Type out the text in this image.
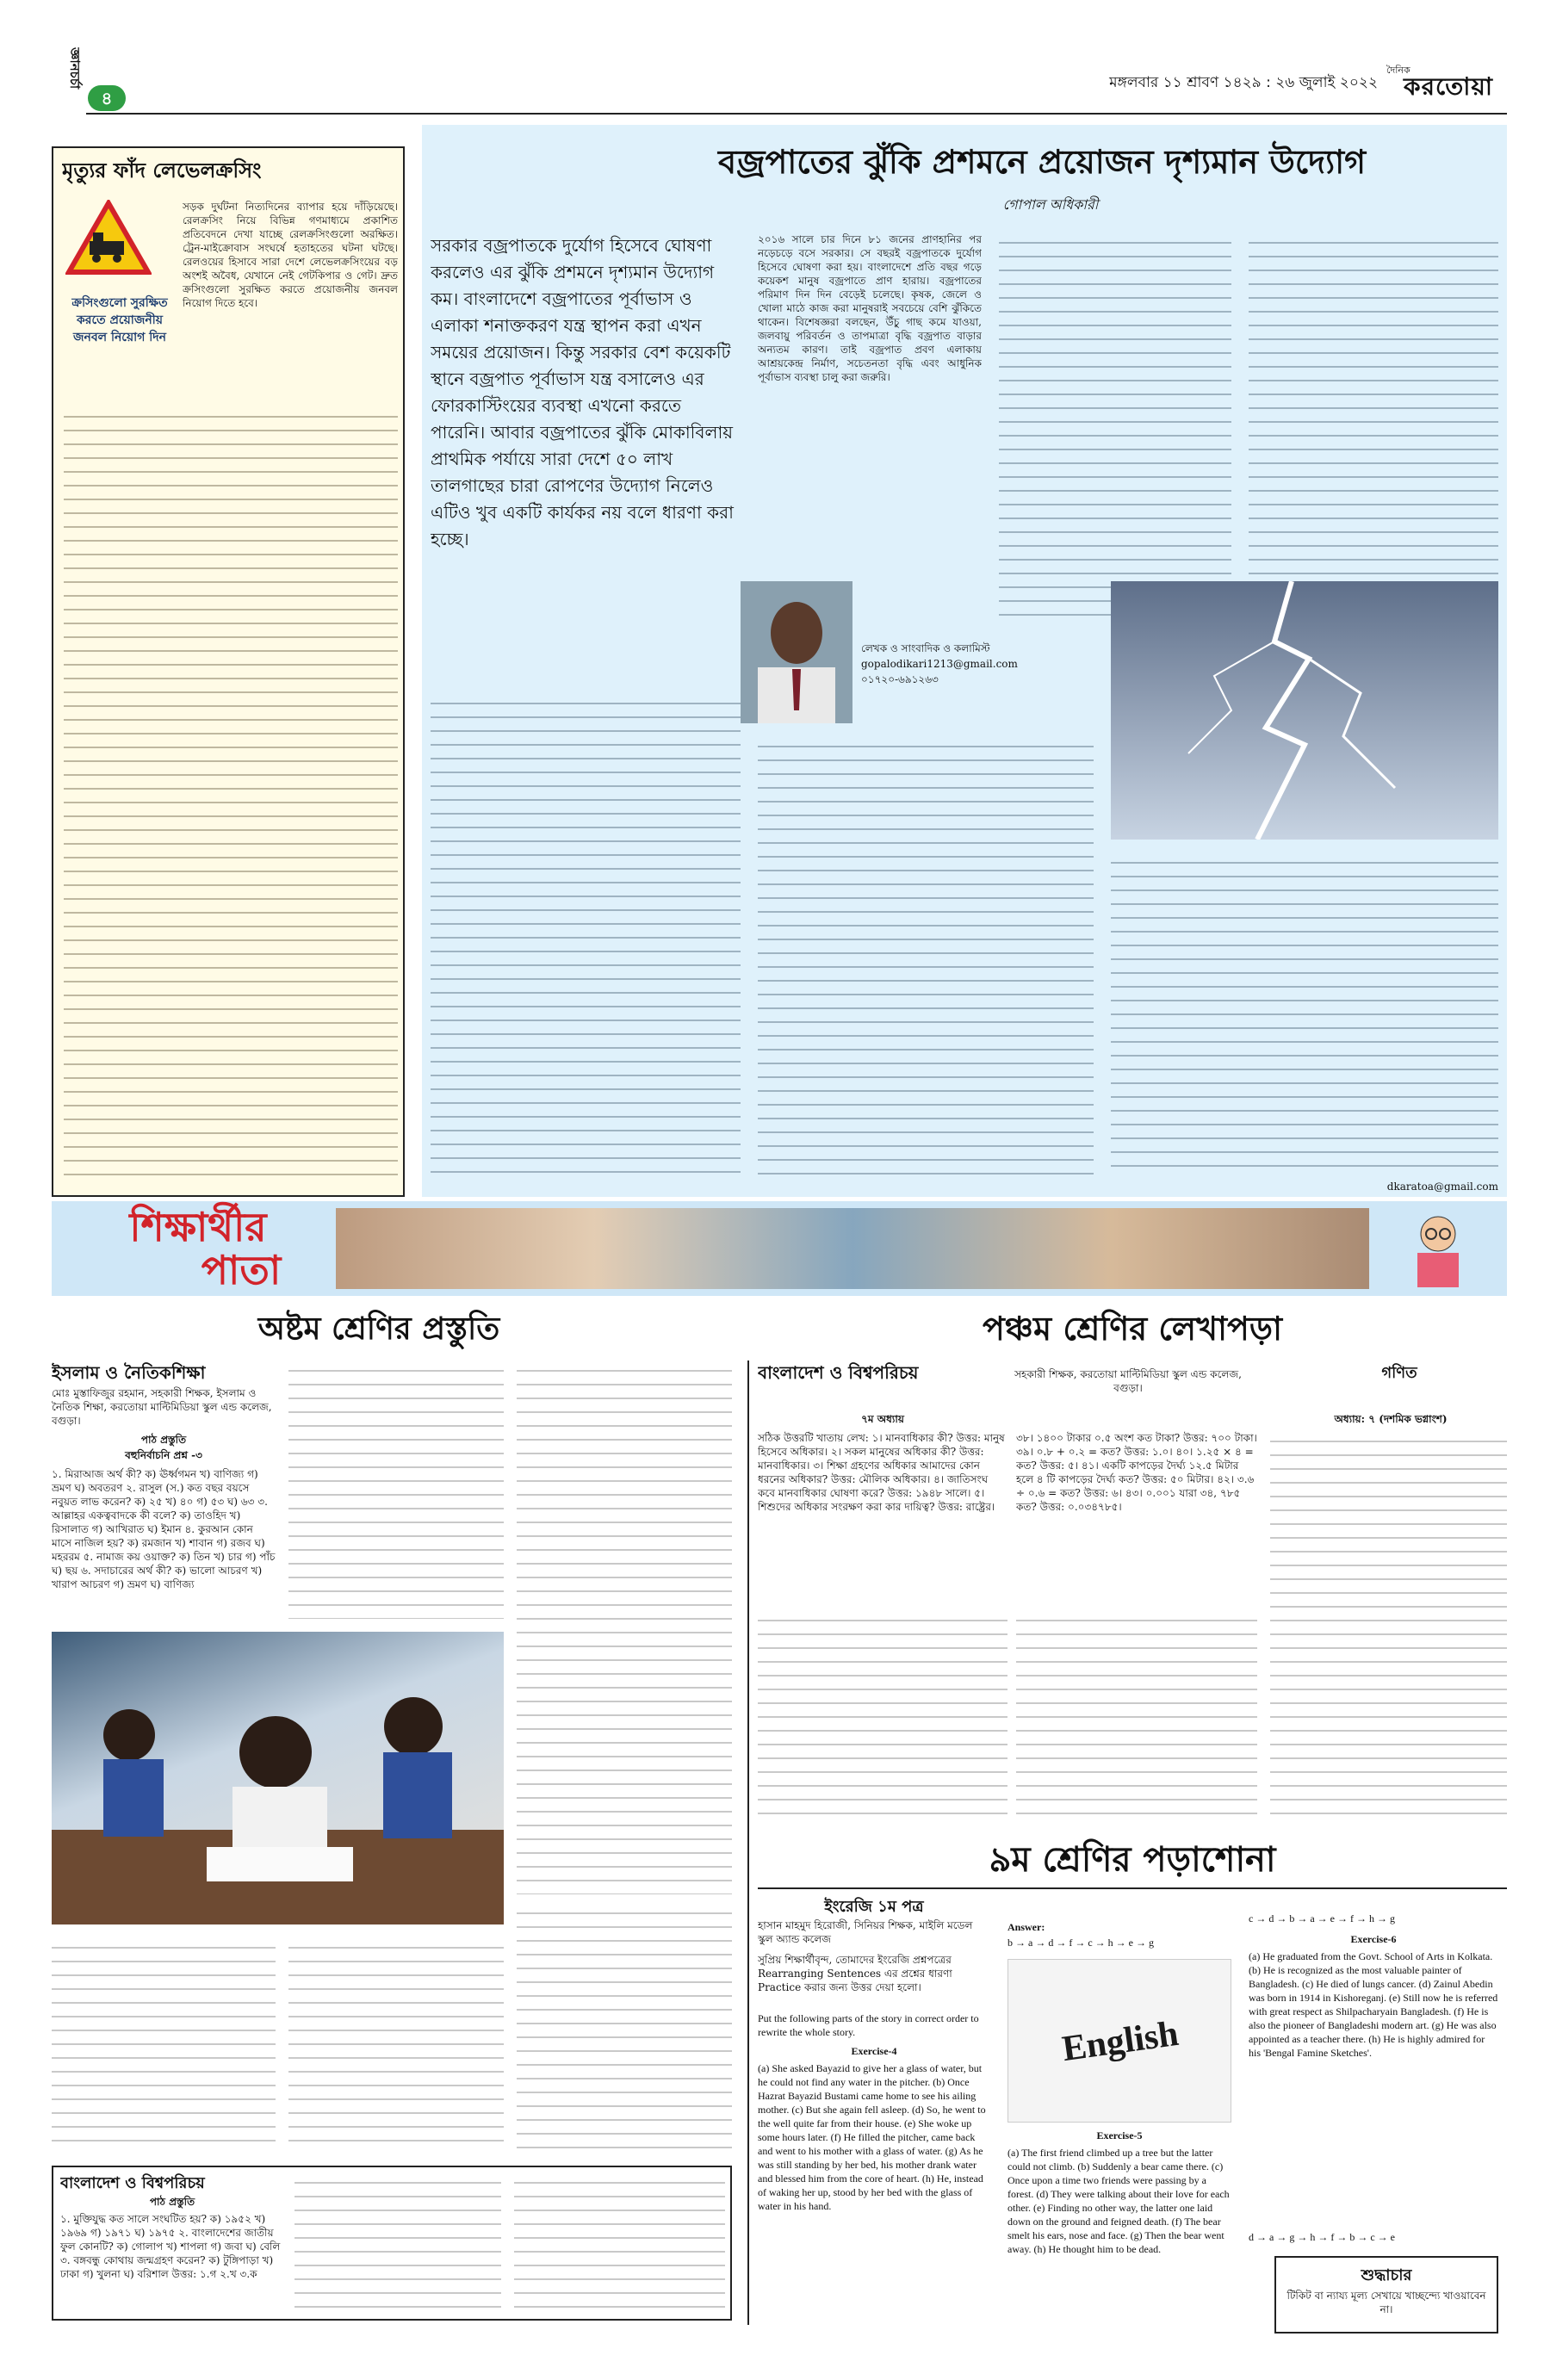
জ্ঞানচর্চা
৪
মঙ্গলবার ১১ শ্রাবণ ১৪২৯ : ২৬ জুলাই ২০২২
দৈনিক
করতোয়া
মৃত্যুর ফাঁদ লেভেলক্রসিং
ক্রসিংগুলো সুরক্ষিত করতে প্রয়োজনীয় জনবল নিয়োগ দিন
সড়ক দুর্ঘটনা নিত্যদিনের ব্যাপার হয়ে দাঁড়িয়েছে। রেলক্রসিং নিয়ে বিভিন্ন গণমাধ্যমে প্রকাশিত প্রতিবেদনে দেখা যাচ্ছে রেলক্রসিংগুলো অরক্ষিত। ট্রেন-মাইক্রোবাস সংঘর্ষে হতাহতের ঘটনা ঘটছে। রেলওয়ের হিসাবে সারা দেশে লেভেলক্রসিংয়ের বড় অংশই অবৈধ, যেখানে নেই গেটকিপার ও গেট। দ্রুত ক্রসিংগুলো সুরক্ষিত করতে প্রয়োজনীয় জনবল নিয়োগ দিতে হবে।
বজ্রপাতের ঝুঁকি প্রশমনে প্রয়োজন দৃশ্যমান উদ্যোগ
গোপাল অধিকারী
সরকার বজ্রপাতকে দুর্যোগ হিসেবে ঘোষণা করলেও এর ঝুঁকি প্রশমনে দৃশ্যমান উদ্যোগ কম। বাংলাদেশে বজ্রপাতের পূর্বাভাস ও এলাকা শনাক্তকরণ যন্ত্র স্থাপন করা এখন সময়ের প্রয়োজন। কিন্তু সরকার বেশ কয়েকটি স্থানে বজ্রপাত পূর্বাভাস যন্ত্র বসালেও এর ফোরকাস্টিংয়ের ব্যবস্থা এখনো করতে পারেনি। আবার বজ্রপাতের ঝুঁকি মোকাবিলায় প্রাথমিক পর্যায়ে সারা দেশে ৫০ লাখ তালগাছের চারা রোপণের উদ্যোগ নিলেও এটিও খুব একটি কার্যকর নয় বলে ধারণা করা হচ্ছে।
২০১৬ সালে চার দিনে ৮১ জনের প্রাণহানির পর নড়েচড়ে বসে সরকার। সে বছরই বজ্রপাতকে দুর্যোগ হিসেবে ঘোষণা করা হয়। বাংলাদেশে প্রতি বছর গড়ে কয়েকশ মানুষ বজ্রপাতে প্রাণ হারায়। বজ্রপাতের পরিমাণ দিন দিন বেড়েই চলেছে। কৃষক, জেলে ও খোলা মাঠে কাজ করা মানুষরাই সবচেয়ে বেশি ঝুঁকিতে থাকেন। বিশেষজ্ঞরা বলছেন, উঁচু গাছ কমে যাওয়া, জলবায়ু পরিবর্তন ও তাপমাত্রা বৃদ্ধি বজ্রপাত বাড়ার অন্যতম কারণ। তাই বজ্রপাত প্রবণ এলাকায় আশ্রয়কেন্দ্র নির্মাণ, সচেতনতা বৃদ্ধি এবং আধুনিক পূর্বাভাস ব্যবস্থা চালু করা জরুরি।
লেখক ও সাংবাদিক ও কলামিস্ট
gopalodikari1213@gmail.com
০১৭২০-৬৯১২৬৩
dkaratoa@gmail.com
শিক্ষার্থীর
পাতা
অষ্টম শ্রেণির প্রস্তুতি	পঞ্চম শ্রেণির লেখাপড়া
ইসলাম ও নৈতিকশিক্ষা
মোঃ মুস্তাফিজুর রহমান, সহকারী শিক্ষক, ইসলাম ও নৈতিক শিক্ষা, করতোয়া মাল্টিমিডিয়া স্কুল এন্ড কলেজ, বগুড়া।
পাঠ প্রস্তুতি
বহুনির্বাচনি প্রশ্ন -৩
১. মিরাআজ অর্থ কী? ক) ঊর্ধ্বগমন খ) বাণিজ্য গ) ভ্রমণ ঘ) অবতরণ ২. রাসুল (স.) কত বছর বয়সে নবুয়ত লাভ করেন? ক) ২৫ খ) ৪০ গ) ৫৩ ঘ) ৬৩ ৩. আল্লাহর একত্ববাদকে কী বলে? ক) তাওহিদ খ) রিসালাত গ) আখিরাত ঘ) ইমান ৪. কুরআন কোন মাসে নাজিল হয়? ক) রমজান খ) শাবান গ) রজব ঘ) মহররম ৫. নামাজ কয় ওয়াক্ত? ক) তিন খ) চার গ) পাঁচ ঘ) ছয় ৬. সদাচারের অর্থ কী? ক) ভালো আচরণ খ) খারাপ আচরণ গ) ভ্রমণ ঘ) বাণিজ্য
বাংলাদেশ ও বিশ্বপরিচয়
পাঠ প্রস্তুতি
১. মুক্তিযুদ্ধ কত সালে সংঘটিত হয়? ক) ১৯৫২ খ) ১৯৬৯ গ) ১৯৭১ ঘ) ১৯৭৫ ২. বাংলাদেশের জাতীয় ফুল কোনটি? ক) গোলাপ খ) শাপলা গ) জবা ঘ) বেলি ৩. বঙ্গবন্ধু কোথায় জন্মগ্রহণ করেন? ক) টুঙ্গিপাড়া খ) ঢাকা গ) খুলনা ঘ) বরিশাল উত্তর: ১.গ ২.খ ৩.ক
বাংলাদেশ ও বিশ্বপরিচয়	সহকারী শিক্ষক, করতোয়া মাল্টিমিডিয়া স্কুল এন্ড কলেজ, বগুড়া।
গণিত
৭ম অধ্যায়
সঠিক উত্তরটি খাতায় লেখ: ১। মানবাধিকার কী? উত্তর: মানুষ হিসেবে অধিকার। ২। সকল মানুষের অধিকার কী? উত্তর: মানবাধিকার। ৩। শিক্ষা গ্রহণের অধিকার আমাদের কোন ধরনের অধিকার? উত্তর: মৌলিক অধিকার। ৪। জাতিসংঘ কবে মানবাধিকার ঘোষণা করে? উত্তর: ১৯৪৮ সালে। ৫। শিশুদের অধিকার সংরক্ষণ করা কার দায়িত্ব? উত্তর: রাষ্ট্রের।
অধ্যায়: ৭ (দশমিক ভগ্নাংশ)
৩৮। ১৪০০ টাকার ০.৫ অংশ কত টাকা? উত্তর: ৭০০ টাকা। ৩৯। ০.৮ + ০.২ = কত? উত্তর: ১.০। ৪০। ১.২৫ × ৪ = কত? উত্তর: ৫। ৪১। একটি কাপড়ের দৈর্ঘ্য ১২.৫ মিটার হলে ৪ টি কাপড়ের দৈর্ঘ্য কত? উত্তর: ৫০ মিটার। ৪২। ৩.৬ ÷ ০.৬ = কত? উত্তর: ৬। ৪৩। ০.০০১ যারা ৩৪, ৭৮৫ কত? উত্তর: ০.০৩৪৭৮৫।
৯ম শ্রেণির পড়াশোনা
ইংরেজি ১ম পত্র
হাসান মাহমুদ হিরোজী, সিনিয়র শিক্ষক, মাইলি মডেল স্কুল অ্যান্ড কলেজ
সুপ্রিয় শিক্ষার্থীবৃন্দ, তোমাদের ইংরেজি প্রশ্নপত্রের Rearranging Sentences এর প্রশ্নের ধারণা Practice করার জন্য উত্তর দেয়া হলো।
Put the following parts of the story in correct order to rewrite the whole story.
Exercise-4
(a) She asked Bayazid to give her a glass of water, but he could not find any water in the pitcher. (b) Once Hazrat Bayazid Bustami came home to see his ailing mother. (c) But she again fell asleep. (d) So, he went to the well quite far from their house. (e) She woke up some hours later. (f) He filled the pitcher, came back and went to his mother with a glass of water. (g) As he was still standing by her bed, his mother drank water and blessed him from the core of heart. (h) He, instead of waking her up, stood by her bed with the glass of water in his hand.
Answer:
b → a → d → f → c → h → e → g
English
Exercise-5
(a) The first friend climbed up a tree but the latter could not climb. (b) Suddenly a bear came there. (c) Once upon a time two friends were passing by a forest. (d) They were talking about their love for each other. (e) Finding no other way, the latter one laid down on the ground and feigned death. (f) The bear smelt his ears, nose and face. (g) Then the bear went away. (h) He thought him to be dead.
c → d → b → a → e → f → h → g
Exercise-6
(a) He graduated from the Govt. School of Arts in Kolkata. (b) He is recognized as the most valuable painter of Bangladesh. (c) He died of lungs cancer. (d) Zainul Abedin was born in 1914 in Kishoreganj. (e) Still now he is referred with great respect as Shilpacharyain Bangladesh. (f) He is also the pioneer of Bangladeshi modern art. (g) He was also appointed as a teacher there. (h) He is highly admired for his 'Bengal Famine Sketches'.
d → a → g → h → f → b → c → e
শুদ্ধাচার
টিকিট বা ন্যায্য মূল্য সেখায়ে খাচ্ছন্দ্যে খাওয়াবেন না।
